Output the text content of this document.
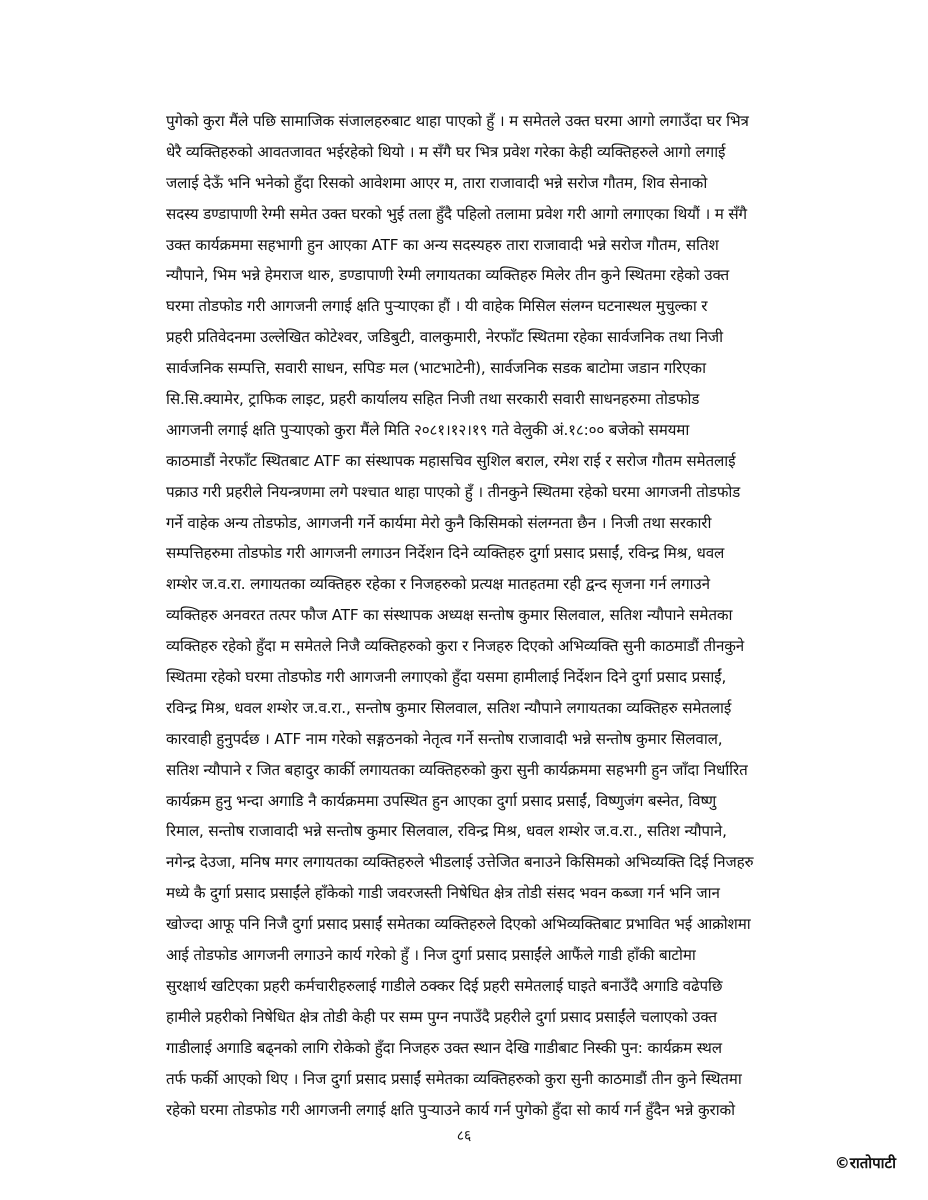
पुगेको कुरा मैंले पछि सामाजिक संजालहरुबाट थाहा पाएको हुँ । म समेतले उक्त घरमा आगो लगाउँदा घर भित्र
धेरै व्यक्तिहरुको आवतजावत भईरहेको थियो । म सँगै घर भित्र प्रवेश गरेका केही व्यक्तिहरुले आगो लगाई
जलाई देऊँ भनि भनेको हुँदा रिसको आवेशमा आएर म, तारा राजावादी भन्ने सरोज गौतम, शिव सेनाको
सदस्य डण्डापाणी रेग्मी समेत उक्त घरको भुई तला हुँदै पहिलो तलामा प्रवेश गरी आगो लगाएका थियौं । म सँगै
उक्त कार्यक्रममा सहभागी हुन आएका ATF का अन्य सदस्यहरु तारा राजावादी भन्ने सरोज गौतम, सतिश
न्यौपाने, भिम भन्ने हेमराज थारु, डण्डापाणी रेग्मी लगायतका व्यक्तिहरु मिलेर तीन कुने स्थितमा रहेको उक्त
घरमा तोडफोड गरी आगजनी लगाई क्षति पुऱ्याएका हौं । यी वाहेक मिसिल संलग्न घटनास्थल मुचुल्का र
प्रहरी प्रतिवेदनमा उल्लेखित कोटेश्वर, जडिबुटी, वालकुमारी, नेरफाँट स्थितमा रहेका सार्वजनिक तथा निजी
सार्वजनिक सम्पत्ति, सवारी साधन, सपिङ मल (भाटभाटेनी), सार्वजनिक सडक बाटोमा जडान गरिएका
सि.सि.क्यामेर, ट्राफिक लाइट, प्रहरी कार्यालय सहित निजी तथा सरकारी सवारी साधनहरुमा तोडफोड
आगजनी लगाई क्षति पुऱ्याएको कुरा मैंले मिति २०८१।१२।१९ गते वेलुकी अं.१८:०० बजेको समयमा
काठमाडौं नेरफाँट स्थितबाट ATF का संस्थापक महासचिव सुशिल बराल, रमेश राई र सरोज गौतम समेतलाई
पक्राउ गरी प्रहरीले नियन्त्रणमा लगे पश्चात थाहा पाएको हुँ । तीनकुने स्थितमा रहेको घरमा आगजनी तोडफोड
गर्ने वाहेक अन्य तोडफोड, आगजनी गर्ने कार्यमा मेरो कुनै किसिमको संलग्नता छैन । निजी तथा सरकारी
सम्पत्तिहरुमा तोडफोड गरी आगजनी लगाउन निर्देशन दिने व्यक्तिहरु दुर्गा प्रसाद प्रसाईं, रविन्द्र मिश्र, धवल
शम्शेर ज.व.रा. लगायतका व्यक्तिहरु रहेका र निजहरुको प्रत्यक्ष मातहतमा रही द्वन्द सृजना गर्न लगाउने
व्यक्तिहरु अनवरत तत्पर फौज ATF का संस्थापक अध्यक्ष सन्तोष कुमार सिलवाल, सतिश न्यौपाने समेतका
व्यक्तिहरु रहेको हुँदा म समेतले निजै व्यक्तिहरुको कुरा र निजहरु दिएको अभिव्यक्ति सुनी काठमाडौं तीनकुने
स्थितमा रहेको घरमा तोडफोड गरी आगजनी लगाएको हुँदा यसमा हामीलाई निर्देशन दिने दुर्गा प्रसाद प्रसाईं,
रविन्द्र मिश्र, धवल शम्शेर ज.व.रा., सन्तोष कुमार सिलवाल, सतिश न्यौपाने लगायतका व्यक्तिहरु समेतलाई
कारवाही हुनुपर्दछ । ATF नाम गरेको सङ्गठनको नेतृत्व गर्ने सन्तोष राजावादी भन्ने सन्तोष कुमार सिलवाल,
सतिश न्यौपाने र जित बहादुर कार्की लगायतका व्यक्तिहरुको कुरा सुनी कार्यक्रममा सहभगी हुन जाँदा निर्धारित
कार्यक्रम हुनु भन्दा अगाडि नै कार्यक्रममा उपस्थित हुन आएका दुर्गा प्रसाद प्रसाईं, विष्णुजंग बस्नेत, विष्णु
रिमाल, सन्तोष राजावादी भन्ने सन्तोष कुमार सिलवाल, रविन्द्र मिश्र, धवल शम्शेर ज.व.रा., सतिश न्यौपाने,
नगेन्द्र देउजा, मनिष मगर लगायतका व्यक्तिहरुले भीडलाई उत्तेजित बनाउने किसिमको अभिव्यक्ति दिई निजहरु
मध्ये कै दुर्गा प्रसाद प्रसाईंले हाँकेको गाडी जवरजस्ती निषेधित क्षेत्र तोडी संसद भवन कब्जा गर्न भनि जान
खोज्दा आफू पनि निजै दुर्गा प्रसाद प्रसाईं समेतका व्यक्तिहरुले दिएको अभिव्यक्तिबाट प्रभावित भई आक्रोशमा
आई तोडफोड आगजनी लगाउने कार्य गरेको हुँ । निज दुर्गा प्रसाद प्रसाईंले आफैंले गाडी हाँकी बाटोमा
सुरक्षार्थ खटिएका प्रहरी कर्मचारीहरुलाई गाडीले ठक्कर दिई प्रहरी समेतलाई घाइते बनाउँदै अगाडि वढेपछि
हामीले प्रहरीको निषेधित क्षेत्र तोडी केही पर सम्म पुग्न नपाउँदै प्रहरीले दुर्गा प्रसाद प्रसाईंले चलाएको उक्त
गाडीलाई अगाडि बढ्नको लागि रोकेको हुँदा निजहरु उक्त स्थान देखि गाडीबाट निस्की पुन: कार्यक्रम स्थल
तर्फ फर्की आएको थिए । निज दुर्गा प्रसाद प्रसाईं समेतका व्यक्तिहरुको कुरा सुनी काठमाडौं तीन कुने स्थितमा
रहेको घरमा तोडफोड गरी आगजनी लगाई क्षति पुऱ्याउने कार्य गर्न पुगेको हुँदा सो कार्य गर्न हुँदैन भन्ने कुराको
८६
©रातोपाटी
